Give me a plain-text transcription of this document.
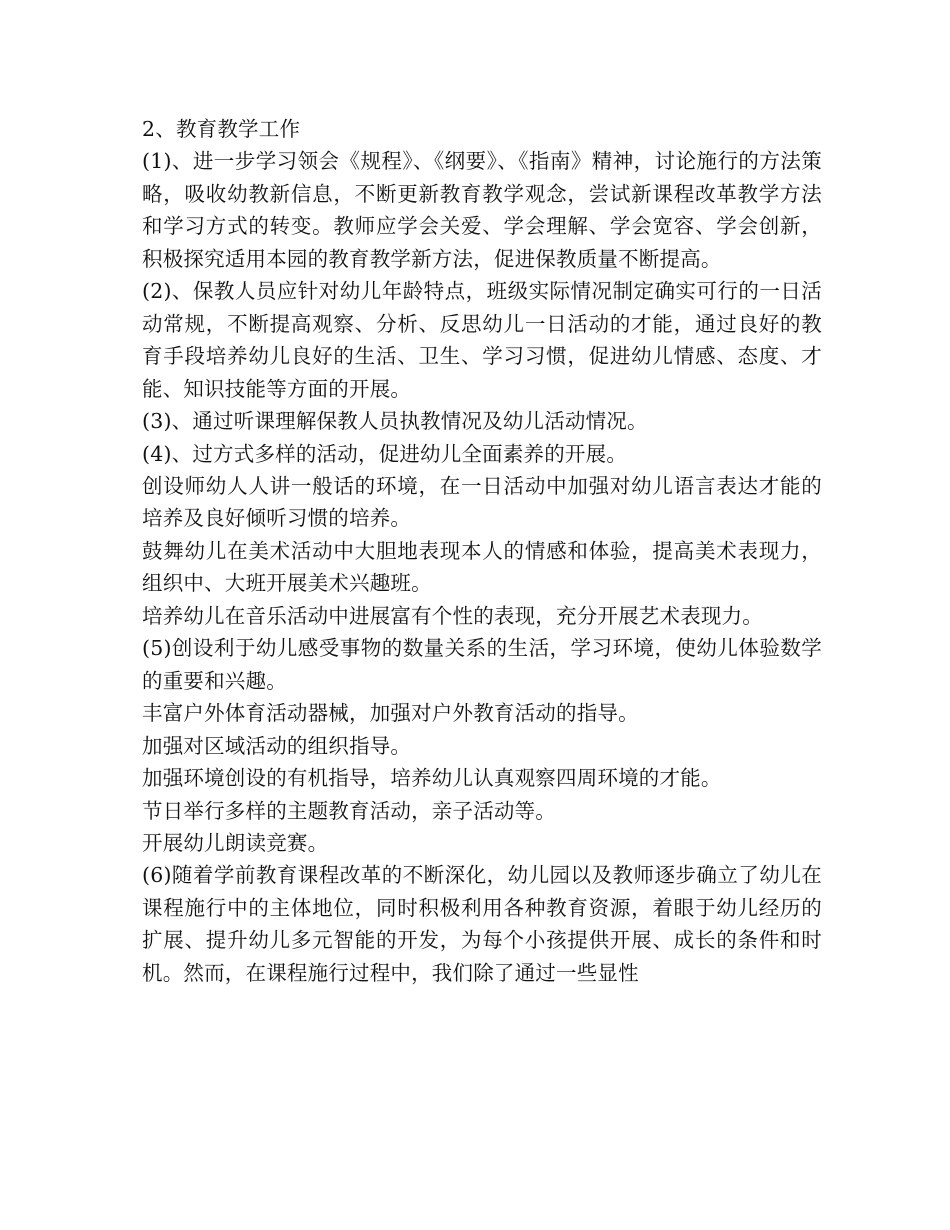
2、教育教学工作

(1)、进一步学习领会《规程》、《纲要》、《指南》精神，讨论施行的方法策略，吸收幼教新信息，不断更新教育教学观念，尝试新课程改革教学方法和学习方式的转变。教师应学会关爱、学会理解、学会宽容、学会创新，积极探究适用本园的教育教学新方法，促进保教质量不断提高。

(2)、保教人员应针对幼儿年龄特点，班级实际情况制定确实可行的一日活动常规，不断提高观察、分析、反思幼儿一日活动的才能，通过良好的教育手段培养幼儿良好的生活、卫生、学习习惯，促进幼儿情感、态度、才能、知识技能等方面的开展。

(3)、通过听课理解保教人员执教情况及幼儿活动情况。

(4)、过方式多样的活动，促进幼儿全面素养的开展。

创设师幼人人讲一般话的环境，在一日活动中加强对幼儿语言表达才能的培养及良好倾听习惯的培养。

鼓舞幼儿在美术活动中大胆地表现本人的情感和体验，提高美术表现力，组织中、大班开展美术兴趣班。

培养幼儿在音乐活动中进展富有个性的表现，充分开展艺术表现力。

(5)创设利于幼儿感受事物的数量关系的生活，学习环境，使幼儿体验数学的重要和兴趣。

丰富户外体育活动器械，加强对户外教育活动的指导。

加强对区域活动的组织指导。

加强环境创设的有机指导，培养幼儿认真观察四周环境的才能。

节日举行多样的主题教育活动，亲子活动等。

开展幼儿朗读竞赛。

(6)随着学前教育课程改革的不断深化，幼儿园以及教师逐步确立了幼儿在课程施行中的主体地位，同时积极利用各种教育资源，着眼于幼儿经历的扩展、提升幼儿多元智能的开发，为每个小孩提供开展、成长的条件和时机。然而，在课程施行过程中，我们除了通过一些显性
